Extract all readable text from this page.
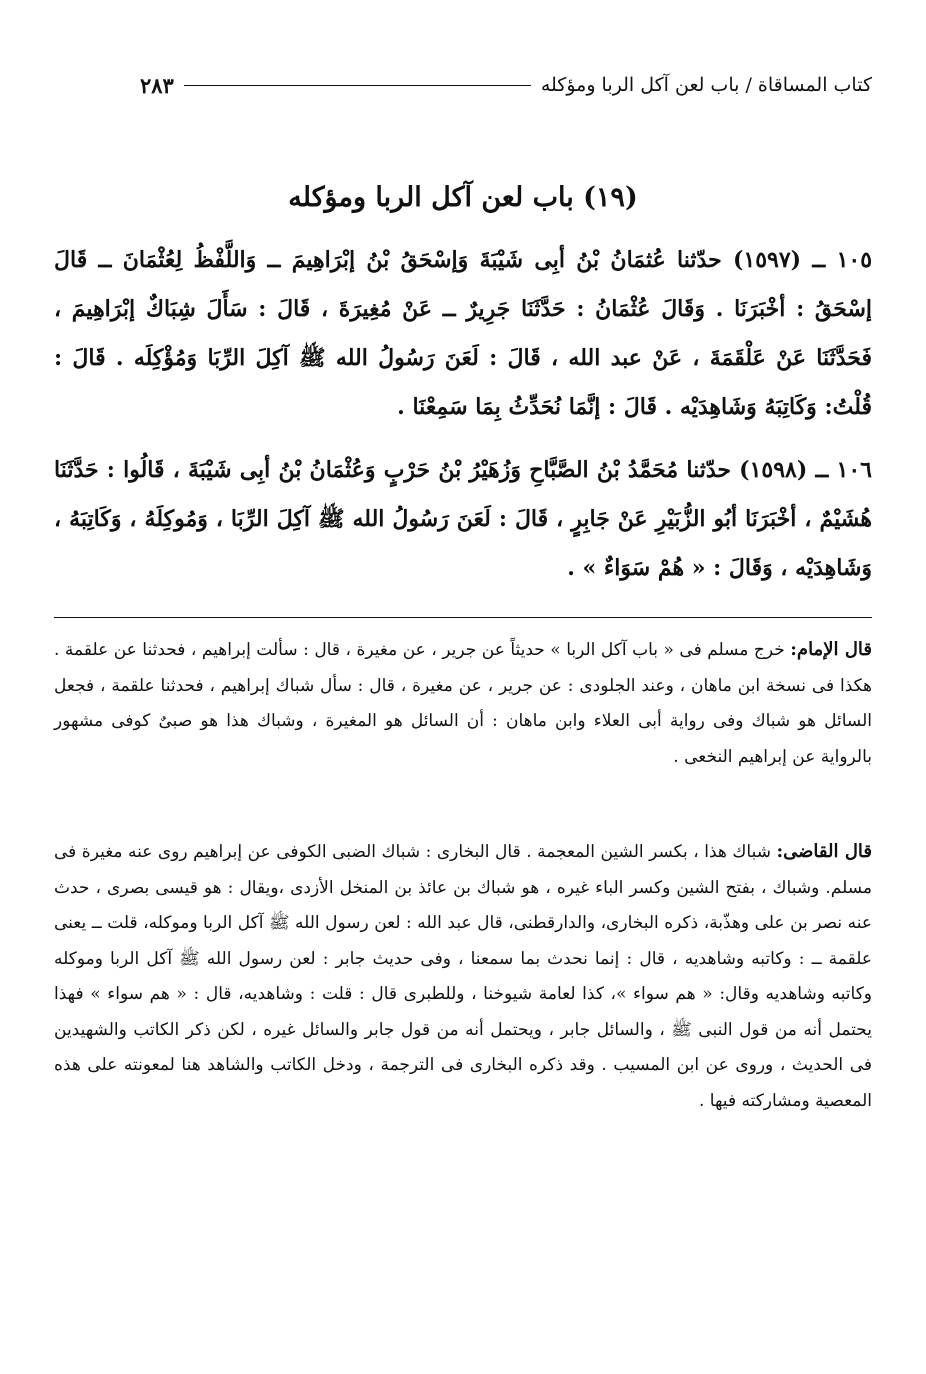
كتاب المساقاة / باب لعن آكل الربا ومؤكله
٢٨٣
(١٩) باب لعن آكل الربا ومؤكله

١٠٥ ــ (١٥٩٧) حدّثنا عُثمَانُ بْنُ أبِى شَيْبَةَ وَإسْحَقُ بْنُ إبْرَاهِيمَ ــ وَاللَّفْظُ لِعُثْمَانَ ــ قَالَ إسْحَقُ : أخْبَرَنَا . وَقَالَ عُثْمَانُ : حَدَّثَنَا جَرِيرٌ ــ عَنْ مُغِيرَةَ ، قَالَ : سَأَلَ شِبَاكٌ إبْرَاهِيمَ ، فَحَدَّثَنَا عَنْ عَلْقَمَةَ ، عَنْ عبد الله ، قَالَ : لَعَنَ رَسُولُ الله ﷺ آكِلَ الرِّبَا وَمُؤْكِلَه . قَالَ : قُلْتُ: وَكَاتِبَهُ وَشَاهِدَيْه . قَالَ : إنَّمَا نُحَدِّثُ بِمَا سَمِعْنَا .

١٠٦ ــ (١٥٩٨) حدّثنا مُحَمَّدُ بْنُ الصَّبَّاحِ وَزُهَيْرُ بْنُ حَرْبٍ وَعُثْمَانُ بْنُ أبِى شَيْبَةَ ، قَالُوا : حَدَّثَنَا هُشَيْمٌ ، أخْبَرَنَا أبُو الزُّبَيْرِ عَنْ جَابِرٍ ، قَالَ : لَعَنَ رَسُولُ الله ﷺ آكِلَ الرِّبَا ، وَمُوكِلَهُ ، وَكَاتِبَهُ ، وَشَاهِدَيْه ، وَقَالَ : « هُمْ سَوَاءٌ » .

قال الإمام: خرج مسلم فى « باب آكل الربا » حديثاً عن جرير ، عن مغيرة ، قال : سألت إبراهيم ، فحدثنا عن علقمة . هكذا فى نسخة ابن ماهان ، وعند الجلودى : عن جرير ، عن مغيرة ، قال : سأل شباك إبراهيم ، فحدثنا علقمة ، فجعل السائل هو شباك وفى رواية أبى العلاء وابن ماهان : أن السائل هو المغيرة ، وشباك هذا هو صبىٌ كوفى مشهور بالرواية عن إبراهيم النخعى .

قال القاضى: شباك هذا ، بكسر الشين المعجمة . قال البخارى : شباك الضبى الكوفى عن إبراهيم روى عنه مغيرة فى مسلم. وشباك ، بفتح الشين وكسر الباء غيره ، هو شباك بن عائذ بن المنخل الأزدى ،ويقال : هو قيسى بصرى ، حدث عنه نصر بن على وهذّبة، ذكره البخارى، والدارقطنى، قال عبد الله : لعن رسول الله ﷺ آكل الربا وموكله، قلت ــ يعنى علقمة ــ : وكاتبه وشاهديه ، قال : إنما نحدث بما سمعنا ، وفى حديث جابر : لعن رسول الله ﷺ آكل الربا وموكله وكاتبه وشاهديه وقال: « هم سواء »، كذا لعامة شيوخنا ، وللطبرى قال : قلت : وشاهديه، قال : « هم سواء » فهذا يحتمل أنه من قول النبى ﷺ ، والسائل جابر ، ويحتمل أنه من قول جابر والسائل غيره ، لكن ذكر الكاتب والشهيدين فى الحديث ، وروى عن ابن المسيب . وقد ذكره البخارى فى الترجمة ، ودخل الكاتب والشاهد هنا لمعونته على هذه المعصية ومشاركته فيها .
